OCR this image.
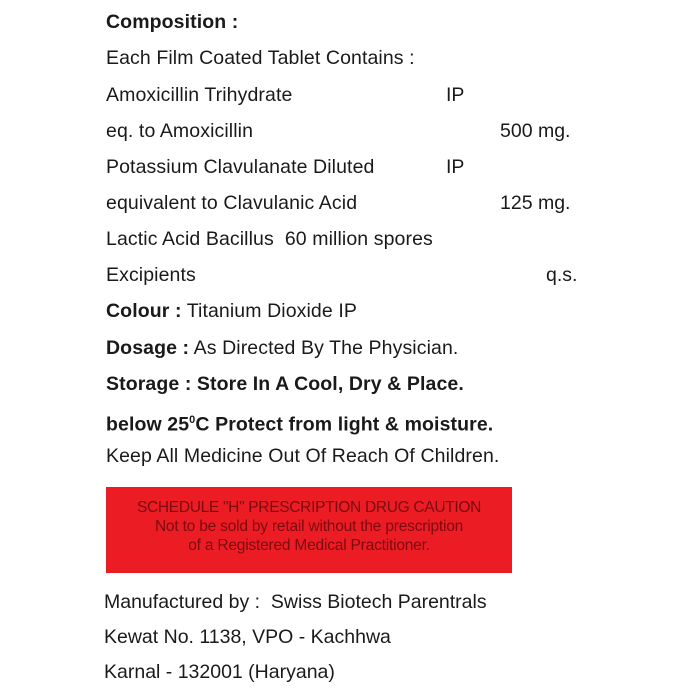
Composition :
Each Film Coated Tablet Contains :
Amoxicillin Trihydrate	IP
eq. to Amoxicillin	500 mg.
Potassium Clavulanate Diluted	IP
equivalent to Clavulanic Acid	125 mg.
Lactic Acid Bacillus  60 million spores
Excipients	q.s.
Colour : Titanium Dioxide IP
Dosage : As Directed By The Physician.
Storage : Store In A Cool, Dry & Place.
below $25^0C$ Protect from light & moisture.
Keep All Medicine Out Of Reach Of Children.
SCHEDULE "H" PRESCRIPTION DRUG CAUTION
Not to be sold by retail without the prescription
of a Registered Medical Practitioner.
Manufactured by :  Swiss Biotech Parentrals
Kewat No. 1138, VPO - Kachhwa
Karnal - 132001 (Haryana)
